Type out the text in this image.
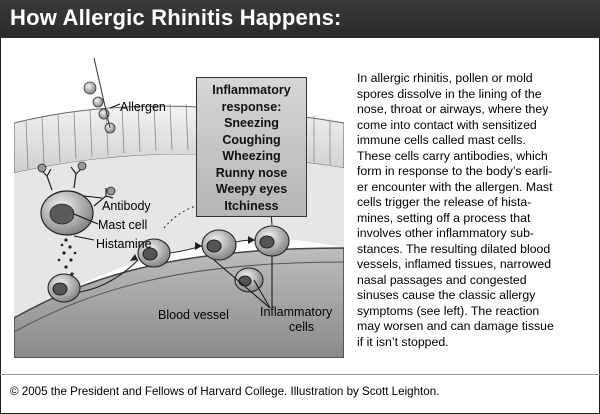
How Allergic Rhinitis Happens:
Allergen
Antibody
Mast cell
Histamine
Blood vessel Inflammatory
cells
Inflammatory
response:
Sneezing
Coughing
Wheezing
Runny nose
Weepy eyes
Itchiness
In allergic rhinitis, pollen or mold
spores dissolve in the lining of the
nose, throat or airways, where they
come into contact with sensitized
immune cells called mast cells.
These cells carry antibodies, which
form in response to the body’s earli-
er encounter with the allergen. Mast
cells trigger the release of hista-
mines, setting off a process that
involves other inflammatory sub-
stances. The resulting dilated blood
vessels, inflamed tissues, narrowed
nasal passages and congested
sinuses cause the classic allergy
symptoms (see left). The reaction
may worsen and can damage tissue
if it isn’t stopped.
© 2005 the President and Fellows of Harvard College. Illustration by Scott Leighton.
